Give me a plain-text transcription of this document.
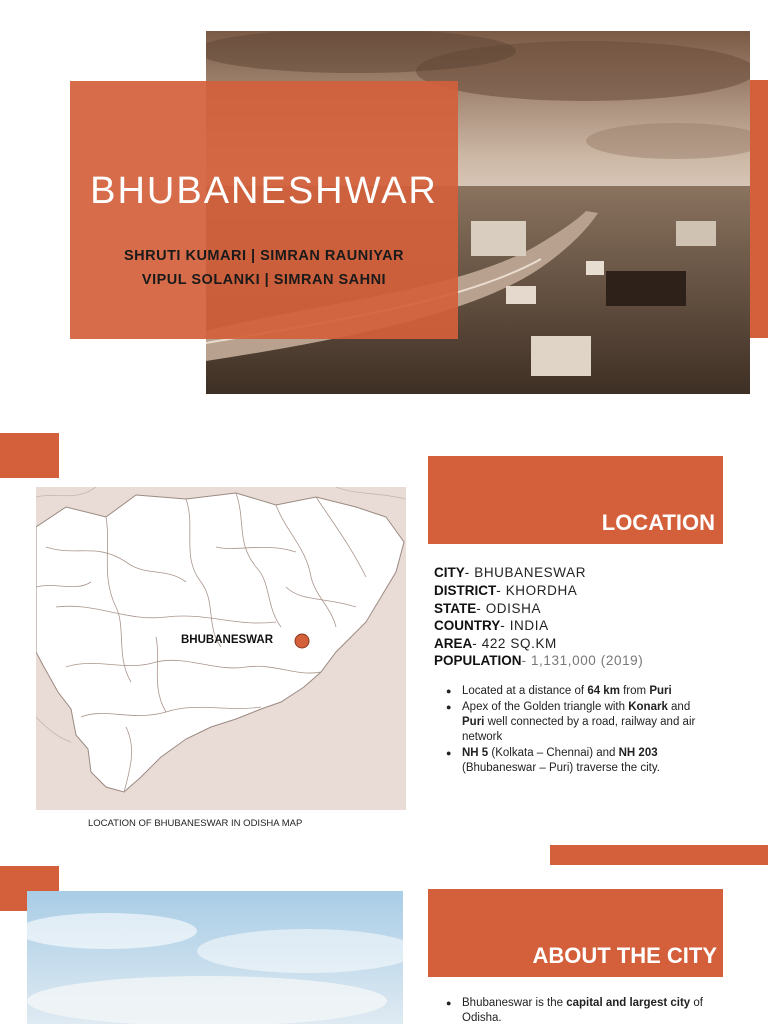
BHUBANESHWAR
SHRUTI KUMARI | SIMRAN RAUNIYAR
VIPUL SOLANKI | SIMRAN SAHNI
BHUBANESWAR
LOCATION OF BHUBANESWAR IN ODISHA MAP
LOCATION
CITY- BHUBANESWAR
DISTRICT- KHORDHA
STATE- ODISHA
COUNTRY- INDIA
AREA- 422 SQ.KM
POPULATION- 1,131,000 (2019)
● Located at a distance of 64 km from Puri
● Apex of the Golden triangle with Konark and Puri well connected by a road, railway and air network
● NH 5 (Kolkata – Chennai) and NH 203 (Bhubaneswar – Puri) traverse the city.
ABOUT THE CITY
● Bhubaneswar is the capital and largest city of Odisha.
